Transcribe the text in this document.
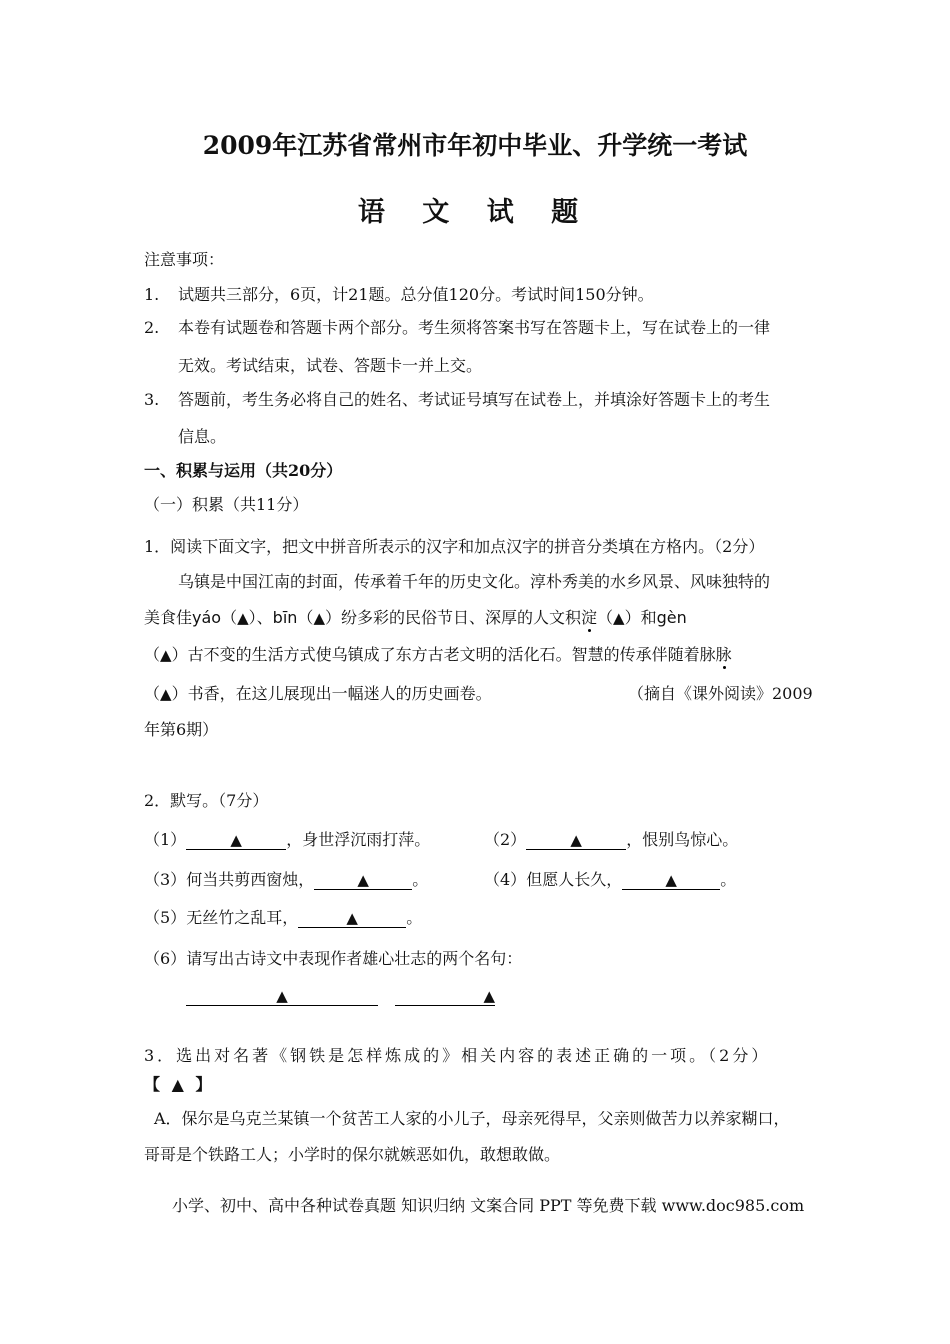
2009年江苏省常州市年初中毕业、升学统一考试
语 文 试 题
注意事项：
1. 试题共三部分，6页，计21题。总分值120分。考试时间150分钟。
2. 本卷有试题卷和答题卡两个部分。考生须将答案书写在答题卡上，写在试卷上的一律
无效。考试结束，试卷、答题卡一并上交。
3. 答题前，考生务必将自己的姓名、考试证号填写在试卷上，并填涂好答题卡上的考生
信息。
一、积累与运用（共20分）
（一）积累（共11分）
1．阅读下面文字，把文中拼音所表示的汉字和加点汉字的拼音分类填在方格内。（2分）
乌镇是中国江南的封面，传承着千年的历史文化。淳朴秀美的水乡风景、风味独特的
美食佳yáo（▲）、bīn（▲）纷多彩的民俗节日、深厚的人文积淀（▲）和gèn
（▲）古不变的生活方式使乌镇成了东方古老文明的活化石。智慧的传承伴随着脉脉
（▲）书香，在这儿展现出一幅迷人的历史画卷。	（摘自《课外阅读》2009
年第6期）
2．默写。（7分）
（1）	▲	，身世浮沉雨打萍。	（2）	▲	，恨别鸟惊心。
（3）何当共剪西窗烛，	▲	。	（4）但愿人长久，	▲	。
（5）无丝竹之乱耳，	▲	。
（6）请写出古诗文中表现作者雄心壮志的两个名句：
▲	▲
3．选出对名著《钢铁是怎样炼成的》相关内容的表述正确的一项。（2分）
【 ▲ 】
A．保尔是乌克兰某镇一个贫苦工人家的小儿子，母亲死得早，父亲则做苦力以养家糊口，
哥哥是个铁路工人；小学时的保尔就嫉恶如仇，敢想敢做。
小学、初中、高中各种试卷真题 知识归纳 文案合同 PPT 等免费下载 www.doc985.com
